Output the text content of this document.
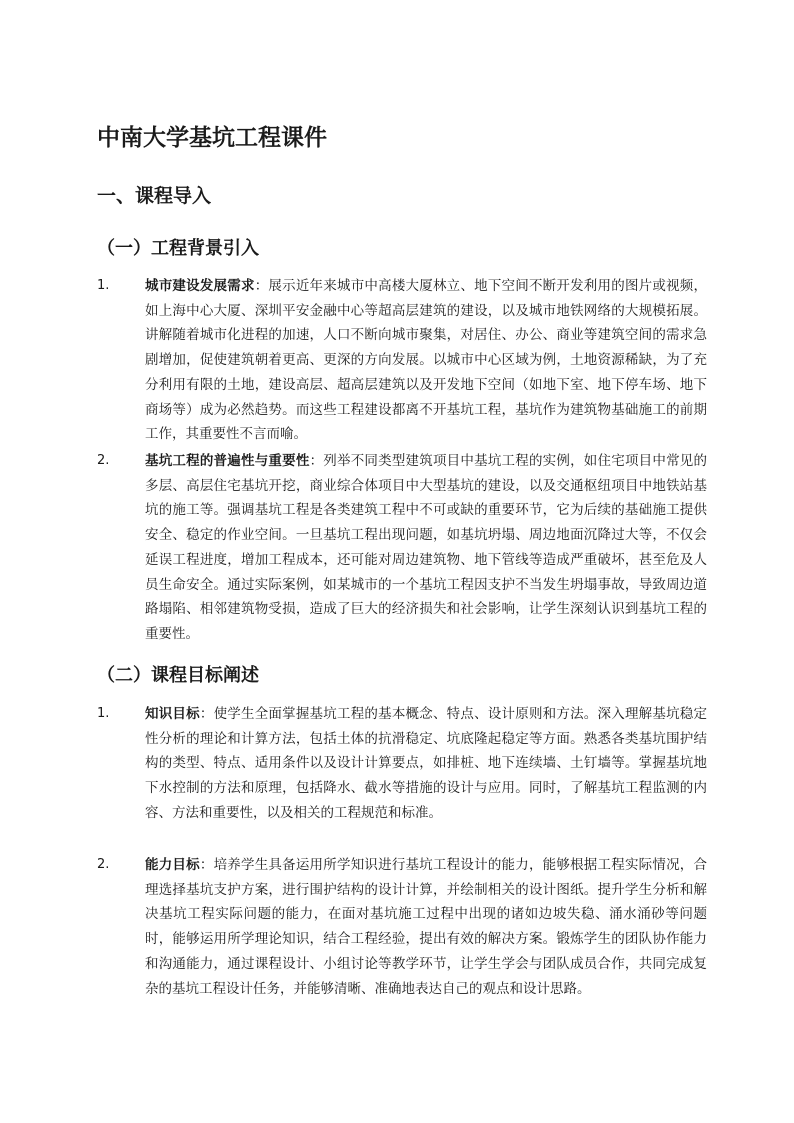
中南大学基坑工程课件
一、课程导入
（一）工程背景引入
1.	城市建设发展需求：展示近年来城市中高楼大厦林立、地下空间不断开发利用的图片或视频，如上海中心大厦、深圳平安金融中心等超高层建筑的建设，以及城市地铁网络的大规模拓展。讲解随着城市化进程的加速，人口不断向城市聚集，对居住、办公、商业等建筑空间的需求急剧增加，促使建筑朝着更高、更深的方向发展。以城市中心区域为例，土地资源稀缺，为了充分利用有限的土地，建设高层、超高层建筑以及开发地下空间（如地下室、地下停车场、地下商场等）成为必然趋势。而这些工程建设都离不开基坑工程，基坑作为建筑物基础施工的前期工作，其重要性不言而喻。

2.	基坑工程的普遍性与重要性：列举不同类型建筑项目中基坑工程的实例，如住宅项目中常见的多层、高层住宅基坑开挖，商业综合体项目中大型基坑的建设，以及交通枢纽项目中地铁站基坑的施工等。强调基坑工程是各类建筑工程中不可或缺的重要环节，它为后续的基础施工提供安全、稳定的作业空间。一旦基坑工程出现问题，如基坑坍塌、周边地面沉降过大等，不仅会延误工程进度，增加工程成本，还可能对周边建筑物、地下管线等造成严重破坏，甚至危及人员生命安全。通过实际案例，如某城市的一个基坑工程因支护不当发生坍塌事故，导致周边道路塌陷、相邻建筑物受损，造成了巨大的经济损失和社会影响，让学生深刻认识到基坑工程的重要性。

（二）课程目标阐述
1.	知识目标：使学生全面掌握基坑工程的基本概念、特点、设计原则和方法。深入理解基坑稳定性分析的理论和计算方法，包括土体的抗滑稳定、坑底隆起稳定等方面。熟悉各类基坑围护结构的类型、特点、适用条件以及设计计算要点，如排桩、地下连续墙、土钉墙等。掌握基坑地下水控制的方法和原理，包括降水、截水等措施的设计与应用。同时，了解基坑工程监测的内容、方法和重要性，以及相关的工程规范和标准。

2.	能力目标：培养学生具备运用所学知识进行基坑工程设计的能力，能够根据工程实际情况，合理选择基坑支护方案，进行围护结构的设计计算，并绘制相关的设计图纸。提升学生分析和解决基坑工程实际问题的能力，在面对基坑施工过程中出现的诸如边坡失稳、涌水涌砂等问题时，能够运用所学理论知识，结合工程经验，提出有效的解决方案。锻炼学生的团队协作能力和沟通能力，通过课程设计、小组讨论等教学环节，让学生学会与团队成员合作，共同完成复杂的基坑工程设计任务，并能够清晰、准确地表达自己的观点和设计思路。
